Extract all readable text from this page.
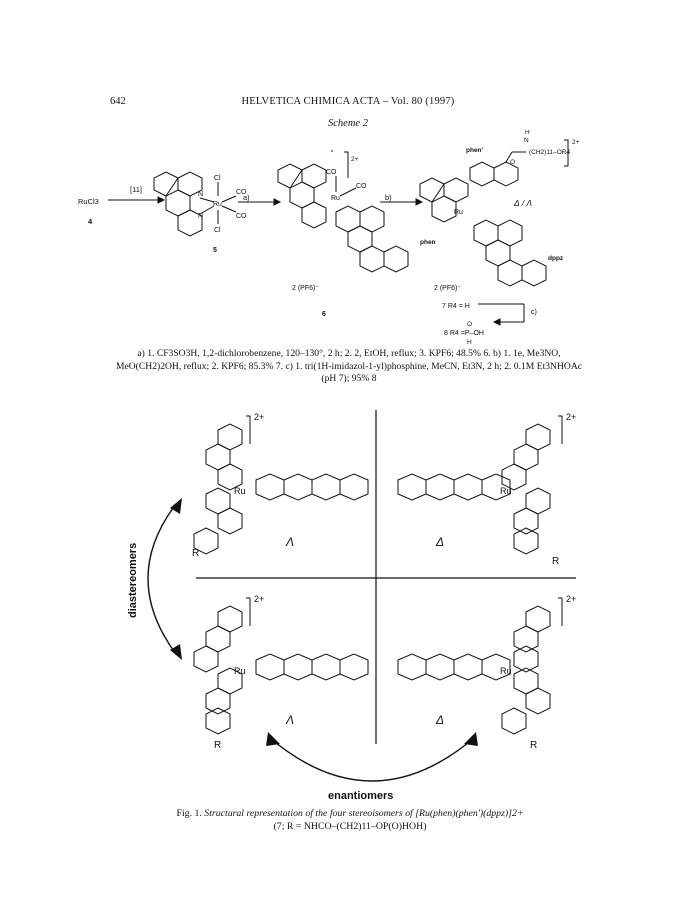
642	HELVETICA CHIMICA ACTA – Vol. 80 (1997)
Scheme 2
RuCl3
4
[11]
a)	b)
Ru
Cl
Cl
CO
CO
N
N
5
Ru
CO
CO
2+
2 (PF6)⁻
6
Ru
phen'
N
H
O
(CH2)11–OR4
2+
Δ / Λ
phen
dppz
2 (PF6)⁻
7 R4 = H
c)
O
8 R4 =
–P–OH
H
a) 1. CF3SO3H, 1,2-dichlorobenzene, 120–130°, 2 h; 2. 2, EtOH, reflux; 3. KPF6; 48.5% 6. b) 1. 1e, Me3NO, MeO(CH2)2OH, reflux; 2. KPF6; 85.3% 7. c) 1. tri(1H-imidazol-1-yl)phosphine, MeCN, Et3N, 2 h; 2. 0.1M Et3NHOAc (pH 7); 95% 8
2+	2+
2+	2+
Ru	Ru
Ru	Ru
R
R
R	R
Λ	Δ
Λ	Δ
diastereomers
enantiomers
Fig. 1. Structural representation of the four stereoisomers of [Ru(phen)(phen')(dppz)]2+
(7; R = NHCO–(CH2)11–OP(O)HOH)
